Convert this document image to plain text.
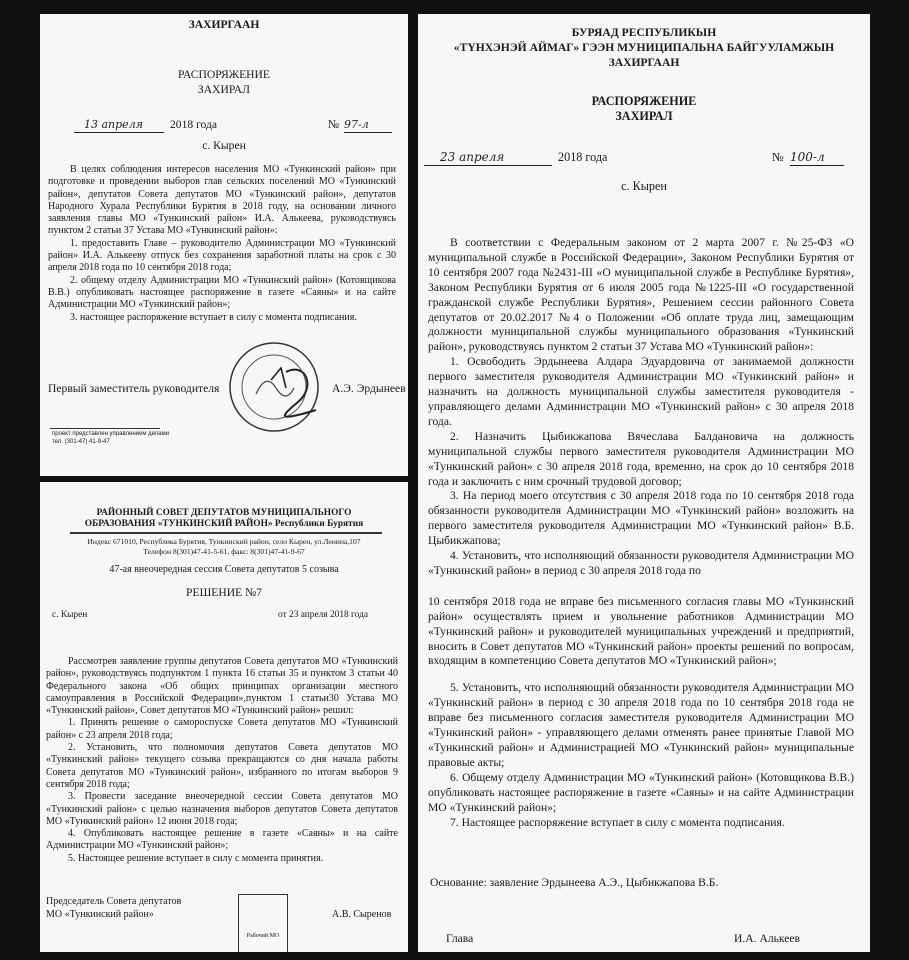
ЗАХИРГААН
РАСПОРЯЖЕНИЕ
ЗАХИРАЛ
13 апреля	2018 года	№ 97-л
с. Кырен

В целях соблюдения интересов населения МО «Тункинский район» при подготовке и проведении выборов глав сельских поселений МО «Тункинский район», депутатов Совета депутатов МО «Тункинский район», депутатов Народного Хурала Республики Бурятия в 2018 году, на основании личного заявления главы МО «Тункинский район» И.А. Алькеева, руководствуясь пунктом 2 статьи 37 Устава МО «Тункинский район»:

1. предоставить Главе – руководителю Администрации МО «Тункинский район» И.А. Алькееву отпуск без сохранения заработной платы на срок с 30 апреля 2018 года по 10 сентября 2018 года;

2. общему отделу Администрации МО «Тункинский район» (Котовщикова В.В.) опубликовать настоящее распоряжение в газете «Саяны» и на сайте Администрации МО «Тункинский район»;

3. настоящее распоряжение вступает в силу с момента подписания.

Первый заместитель руководителя	А.Э. Эрдынеев
проект представлен управлением делами
тел. (301-47) 41-9-47
РАЙОННЫЙ СОВЕТ ДЕПУТАТОВ МУНИЦИПАЛЬНОГО
ОБРАЗОВАНИЯ «ТУНКИНСКИЙ РАЙОН» Республики Бурятия
Индекс 671010, Республика Бурятия, Тункинский район, село Кырен, ул.Ленина,107
Телефон 8(301)47-41-5-61, факс: 8(301)47-41-9-67
47-ая внеочередная сессия Совета депутатов 5 созыва
РЕШЕНИЕ №7
с. Кырен	от 23 апреля 2018 года

Рассмотрев заявление группы депутатов Совета депутатов МО «Тункинский район», руководствуясь подпунктом 1 пункта 16 статьи 35 и пунктом 3 статьи 40 Федерального закона «Об общих принципах организации местного самоуправления в Российской Федерации»,пунктом 1 статьи30 Устава МО «Тункинский район», Совет депутатов МО «Тункинский район» решил:

1. Принять решение о самороспуске Совета депутатов МО «Тункинский район» с 23 апреля 2018 года;

2. Установить, что полномочия депутатов Совета депутатов МО «Тункинский район» текущего созыва прекращаются со дня начала работы Совета депутатов МО «Тункинский район», избранного по итогам выборов 9 сентября 2018 года;

3. Провести заседание внеочередной сессии Совета депутатов МО «Тункинский район» с целью назначения выборов депутатов Совета депутатов МО «Тункинский район» 12 июня 2018 года;

4. Опубликовать настоящее решение в газете «Саяны» и на сайте Администрации МО «Тункинский район»;

5. Настоящее решение вступает в силу с момента принятия.

Председатель Совета депутатов
МО «Тункинский район»	А.В. Сыренов
Рабочий МО
БУРЯАД РЕСПУБЛИКЫН
«ТҮНХЭНЭЙ АЙМАГ» ГЭЭН МУНИЦИПАЛЬНА БАЙГУУЛАМЖЫН
ЗАХИРГААН
РАСПОРЯЖЕНИЕ
ЗАХИРАЛ
23 апреля	2018 года	№ 100-л
с. Кырен

В соответствии с Федеральным законом от 2 марта 2007 г. №25-ФЗ «О муниципальной службе в Российской Федерации», Законом Республики Бурятия от 10 сентября 2007 года №2431-III «О муниципальной службе в Республике Бурятия», Законом Республики Бурятия от 6 июля 2005 года №1225-III «О государственной гражданской службе Республики Бурятия», Решением сессии районного Совета депутатов от 20.02.2017 №4 о Положении «Об оплате труда лиц, замещающим должности муниципальной службы муниципального образования «Тункинский район», руководствуясь пунктом 2 статьи 37 Устава МО «Тункинский район»:

1. Освободить Эрдынеева Алдара Эдуардовича от занимаемой должности первого заместителя руководителя Администрации МО «Тункинский район» и назначить на должность муниципальной службы заместителя руководителя - управляющего делами Администрации МО «Тункинский район» с 30 апреля 2018 года.

2. Назначить Цыбикжапова Вячеслава Балдановича на должность муниципальной службы первого заместителя руководителя Администрации МО «Тункинский район» с 30 апреля 2018 года, временно, на срок до 10 сентября 2018 года и заключить с ним срочный трудовой договор;

3. На период моего отсутствия с 30 апреля 2018 года по 10 сентября 2018 года обязанности руководителя Администрации МО «Тункинский район» возложить на первого заместителя руководителя Администрации МО «Тункинский район» В.Б. Цыбикжапова;

4. Установить, что исполняющий обязанности руководителя Администрации МО «Тункинский район» в период с 30 апреля 2018 года по

10 сентября 2018 года не вправе без письменного согласия главы МО «Тункинский район» осуществлять прием и увольнение работников Администрации МО «Тункинский район» и руководителей муниципальных учреждений и предприятий, вносить в Совет депутатов МО «Тункинский район» проекты решений по вопросам, входящим в компетенцию Совета депутатов МО «Тункинский район»;

5. Установить, что исполняющий обязанности руководителя Администрации МО «Тункинский район» в период с 30 апреля 2018 года по 10 сентября 2018 года не вправе без письменного согласия заместителя руководителя Администрации МО «Тункинский район» - управляющего делами отменять ранее принятые Главой МО «Тункинский район» и Администрацией МО «Тункинский район» муниципальные правовые акты;

6. Общему отделу Администрации МО «Тункинский район» (Котовщикова В.В.) опубликовать настоящее распоряжение в газете «Саяны» и на сайте Администрации МО «Тункинский район»;

7. Настоящее распоряжение вступает в силу с момента подписания.

Основание: заявление Эрдынеева А.Э., Цыбикжапова В.Б.
Глава	И.А. Алькеев
